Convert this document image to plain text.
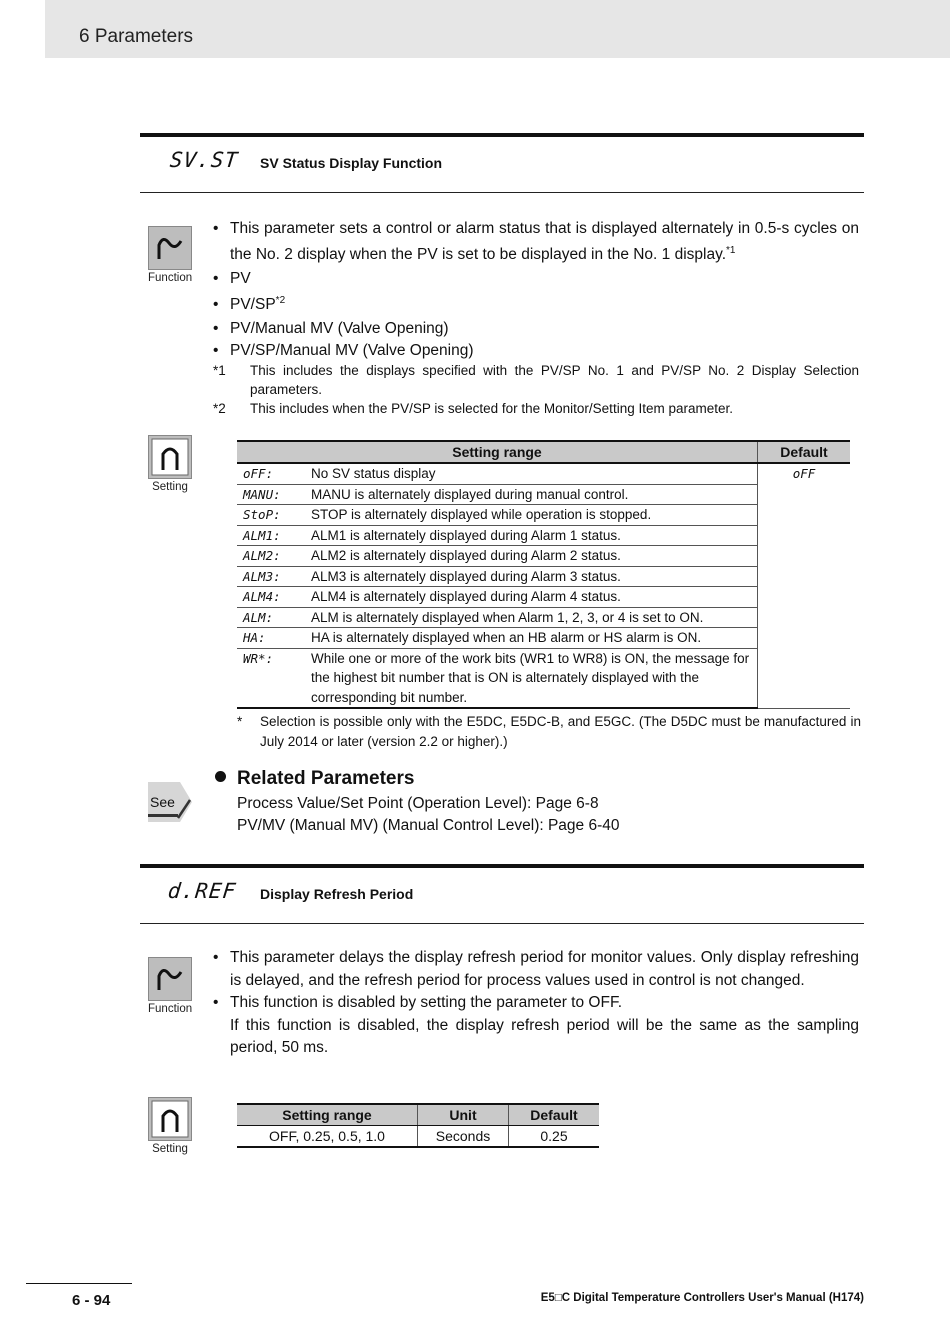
6 Parameters
SV.ST SV Status Display Function
Function
• This parameter sets a control or alarm status that is displayed alternately in 0.5-s cycles on the No. 2 display when the PV is set to be displayed in the No. 1 display.$^{*1}$
• PV
• PV/SP$^{*2}$
• PV/Manual MV (Valve Opening)
• PV/SP/Manual MV (Valve Opening)
*1 This includes the displays specified with the PV/SP No. 1 and PV/SP No. 2 Display Selection parameters.
*2 This includes when the PV/SP is selected for the Monitor/Setting Item parameter.
Setting
Setting range		Default
oFF:	No SV status display	oFF
MANU:	MANU is alternately displayed during manual control.	
StoP:	STOP is alternately displayed while operation is stopped.	
ALM1:	ALM1 is alternately displayed during Alarm 1 status.	
ALM2:	ALM2 is alternately displayed during Alarm 2 status.	
ALM3:	ALM3 is alternately displayed during Alarm 3 status.	
ALM4:	ALM4 is alternately displayed during Alarm 4 status.	
ALM:	ALM is alternately displayed when Alarm 1, 2, 3, or 4 is set to ON.	
HA:	HA is alternately displayed when an HB alarm or HS alarm is ON.	
WR*:	While one or more of the work bits (WR1 to WR8) is ON, the message for the highest bit number that is ON is alternately displayed with the corresponding bit number.	
* Selection is possible only with the E5DC, E5DC-B, and E5GC. (The D5DC must be manufactured in July 2014 or later (version 2.2 or higher).)
See
Related Parameters
Process Value/Set Point (Operation Level): Page 6-8
PV/MV (Manual MV) (Manual Control Level): Page 6-40
d.REF Display Refresh Period
Function
• This parameter delays the display refresh period for monitor values. Only display refreshing is delayed, and the refresh period for process values used in control is not changed.
• This function is disabled by setting the parameter to OFF.
If this function is disabled, the display refresh period will be the same as the sampling period, 50 ms.
Setting
Setting range	Unit	Default
OFF, 0.25, 0.5, 1.0	Seconds	0.25
6 - 94	E5□C Digital Temperature Controllers User's Manual (H174)
